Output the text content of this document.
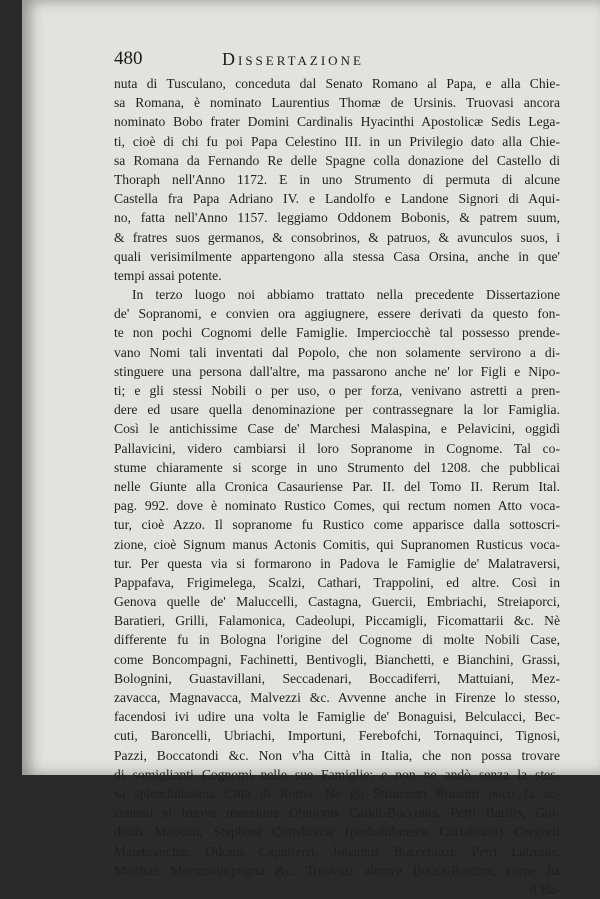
480	Dissertazione
nuta di Tusculano, conceduta dal Senato Romano al Papa, e alla Chie-
sa Romana, è nominato Laurentius Thomæ de Ursinis. Truovasi ancora
nominato Bobo frater Domini Cardinalis Hyacinthi Apostolicæ Sedis Lega-
ti, cioè di chi fu poi Papa Celestino III. in un Privilegio dato alla Chie-
sa Romana da Fernando Re delle Spagne colla donazione del Castello di
Thoraph nell'Anno 1172. E in uno Strumento di permuta di alcune
Castella fra Papa Adriano IV. e Landolfo e Landone Signori di Aqui-
no, fatta nell'Anno 1157. leggiamo Oddonem Bobonis, & patrem suum,
& fratres suos germanos, & consobrinos, & patruos, & avunculos suos, i
quali verisimilmente appartengono alla stessa Casa Orsina, anche in que'
tempi assai potente.
In terzo luogo noi abbiamo trattato nella precedente Dissertazione
de' Sopranomi, e convien ora aggiugnere, essere derivati da questo fon-
te non pochi Cognomi delle Famiglie. Imperciocchè tal possesso prende-
vano Nomi tali inventati dal Popolo, che non solamente servirono a di-
stinguere una persona dall'altre, ma passarono anche ne' lor Figli e Nipo-
ti; e gli stessi Nobili o per uso, o per forza, venivano astretti a pren-
dere ed usare quella denominazione per contrassegnare la lor Famiglia.
Così le antichissime Case de' Marchesi Malaspina, e Pelavicini, oggidì
Pallavicini, videro cambiarsi il loro Sopranome in Cognome. Tal co-
stume chiaramente si scorge in uno Strumento del 1208. che pubblicai
nelle Giunte alla Cronica Casauriense Par. II. del Tomo II. Rerum Ital.
pag. 992. dove è nominato Rustico Comes, qui rectum nomen Atto voca-
tur, cioè Azzo. Il sopranome fu Rustico come apparisce dalla sottoscri-
zione, cioè Signum manus Actonis Comitis, qui Supranomen Rusticus voca-
tur. Per questa via si formarono in Padova le Famiglie de' Malatraversi,
Pappafava, Frigimelega, Scalzi, Cathari, Trappolini, ed altre. Così in
Genova quelle de' Maluccelli, Castagna, Guercii, Embriachi, Streiaporci,
Baratieri, Grilli, Falamonica, Cadeolupi, Piccamigli, Ficomattarii &c. Nè
differente fu in Bologna l'origine del Cognome di molte Nobili Case,
come Boncompagni, Fachinetti, Bentivogli, Bianchetti, e Bianchini, Grassi,
Bolognini, Guastavillani, Seccadenari, Boccadiferri, Mattuiani, Mez-
zavacca, Magnavacca, Malvezzi &c. Avvenne anche in Firenze lo stesso,
facendosi ivi udire una volta le Famiglie de' Bonaguisi, Belculacci, Bec-
cuti, Baroncelli, Ubriachi, Importuni, Ferebofchi, Tornaquinci, Tignosi,
Pazzi, Boccatondi &c. Non v'ha Città in Italia, che non possa trovare
di somiglianti Cognomi nelle sue Famiglie; e non ne andò senza la stes-
sa splendidissima Città di Roma. Ne gli Strumenti Romani poco fa ac-
cennati si truova menzione Obitionis Calidi-Bucconis, Petri Barilis, Gui-
donis Mancini, Stephani Cortebracæ (probabilmente Cortabraca) Gregorii
Malebranchæ, Odonis Caputferri, Johannis Buccemazi, Petri Latronis,
Matthæi Mecum-in-pugna &c. Truovasi altrove Bocca-Porcina, come ha
il Ba-
